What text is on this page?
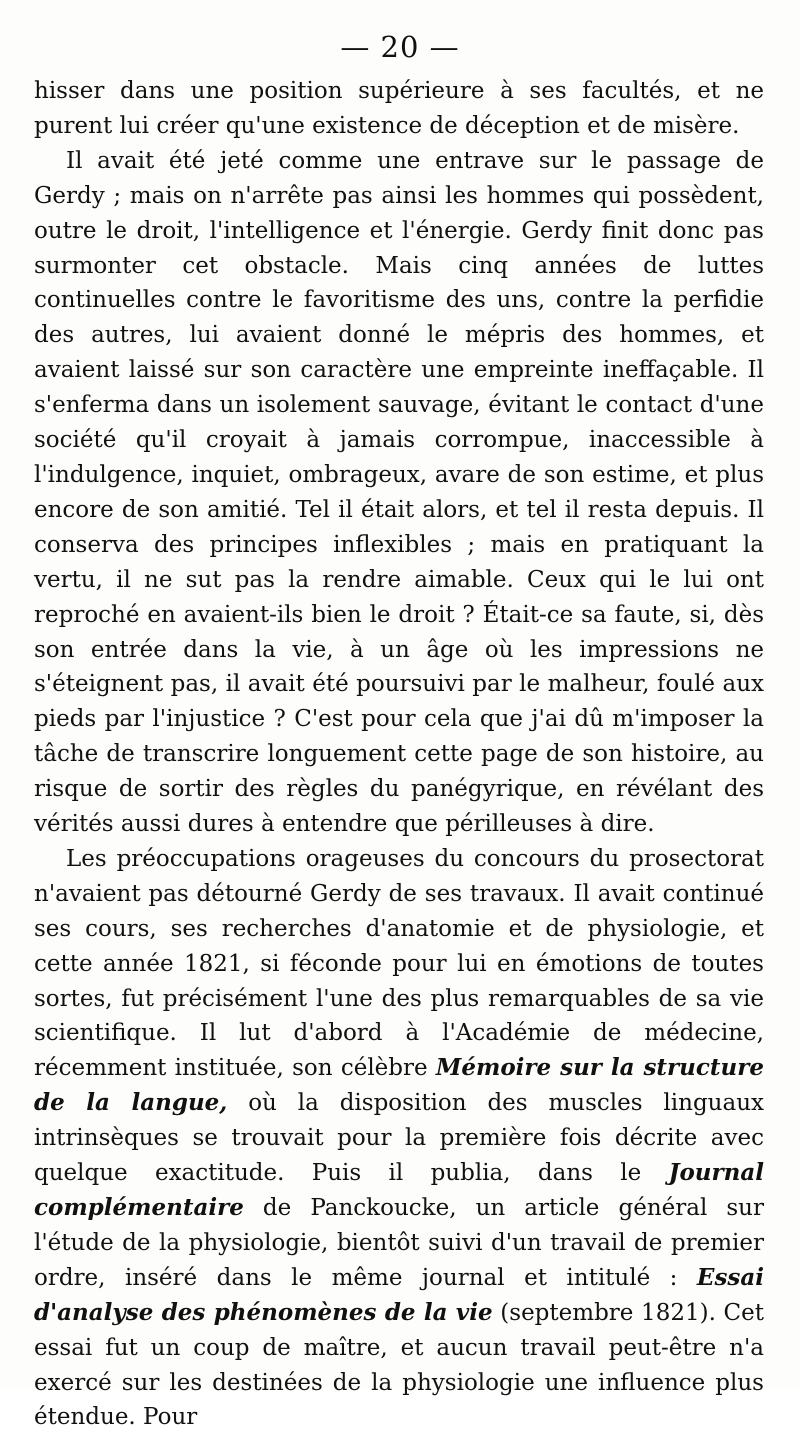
— 20 —

hisser dans une position supérieure à ses facultés, et ne purent lui créer qu'une existence de déception et de misère.

Il avait été jeté comme une entrave sur le passage de Gerdy ; mais on n'arrête pas ainsi les hommes qui possèdent, outre le droit, l'intelligence et l'énergie. Gerdy finit donc pas surmonter cet obstacle. Mais cinq années de luttes continuelles contre le favoritisme des uns, contre la perfidie des autres, lui avaient donné le mépris des hommes, et avaient laissé sur son caractère une empreinte ineffaçable. Il s'enferma dans un isolement sauvage, évitant le contact d'une société qu'il croyait à jamais corrompue, inaccessible à l'indulgence, inquiet, ombrageux, avare de son estime, et plus encore de son amitié. Tel il était alors, et tel il resta depuis. Il conserva des principes inflexibles ; mais en pratiquant la vertu, il ne sut pas la rendre aimable. Ceux qui le lui ont reproché en avaient-ils bien le droit ? Était-ce sa faute, si, dès son entrée dans la vie, à un âge où les impressions ne s'éteignent pas, il avait été poursuivi par le malheur, foulé aux pieds par l'injustice ? C'est pour cela que j'ai dû m'imposer la tâche de transcrire longuement cette page de son histoire, au risque de sortir des règles du panégyrique, en révélant des vérités aussi dures à entendre que périlleuses à dire.

Les préoccupations orageuses du concours du prosectorat n'avaient pas détourné Gerdy de ses travaux. Il avait continué ses cours, ses recherches d'anatomie et de physiologie, et cette année 1821, si féconde pour lui en émotions de toutes sortes, fut précisément l'une des plus remarquables de sa vie scientifique. Il lut d'abord à l'Académie de médecine, récemment instituée, son célèbre Mémoire sur la structure de la langue, où la disposition des muscles linguaux intrinsèques se trouvait pour la première fois décrite avec quelque exactitude. Puis il publia, dans le Journal complémentaire de Panckoucke, un article général sur l'étude de la physiologie, bientôt suivi d'un travail de premier ordre, inséré dans le même journal et intitulé : Essai d'analyse des phénomènes de la vie (septembre 1821). Cet essai fut un coup de maître, et aucun travail peut-être n'a exercé sur les destinées de la physiologie une influence plus étendue. Pour
